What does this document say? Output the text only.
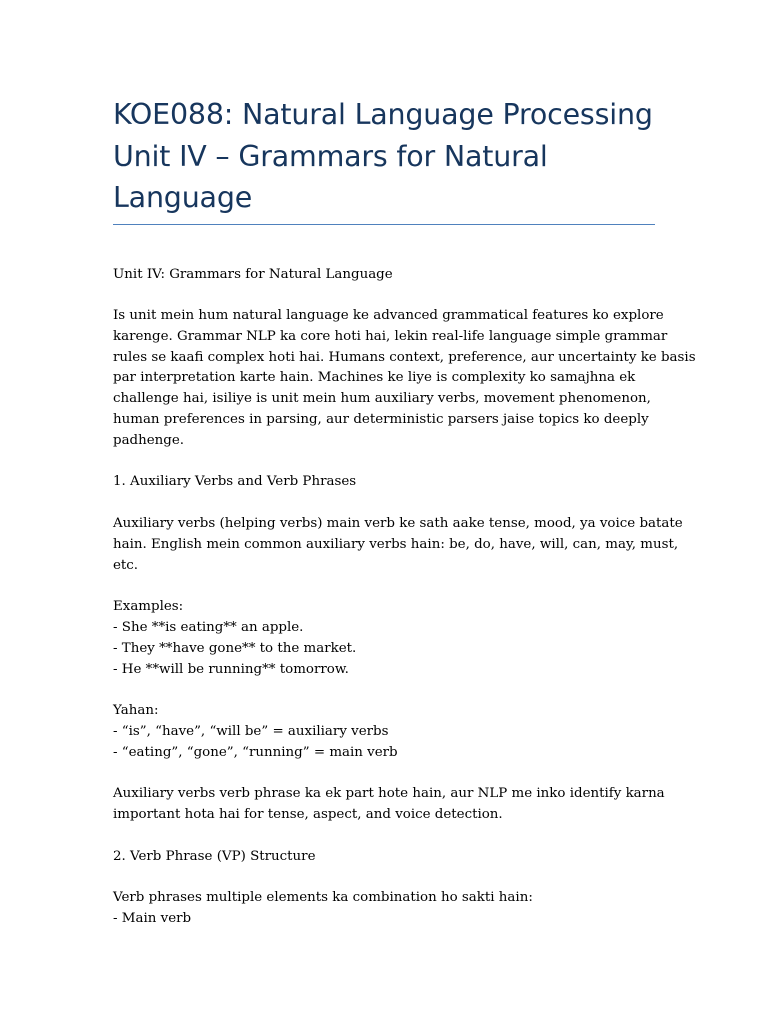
KOE088: Natural Language Processing
Unit IV – Grammars for Natural
Language

Unit IV: Grammars for Natural Language

Is unit mein hum natural language ke advanced grammatical features ko explore
karenge. Grammar NLP ka core hoti hai, lekin real-life language simple grammar
rules se kaafi complex hoti hai. Humans context, preference, aur uncertainty ke basis
par interpretation karte hain. Machines ke liye is complexity ko samajhna ek
challenge hai, isiliye is unit mein hum auxiliary verbs, movement phenomenon,
human preferences in parsing, aur deterministic parsers jaise topics ko deeply
padhenge.

1. Auxiliary Verbs and Verb Phrases

Auxiliary verbs (helping verbs) main verb ke sath aake tense, mood, ya voice batate
hain. English mein common auxiliary verbs hain: be, do, have, will, can, may, must,
etc.

Examples:
- She **is eating** an apple.
- They **have gone** to the market.
- He **will be running** tomorrow.

Yahan:
- “is”, “have”, “will be” = auxiliary verbs
- “eating”, “gone”, “running” = main verb

Auxiliary verbs verb phrase ka ek part hote hain, aur NLP me inko identify karna
important hota hai for tense, aspect, and voice detection.

2. Verb Phrase (VP) Structure

Verb phrases multiple elements ka combination ho sakti hain:
- Main verb
